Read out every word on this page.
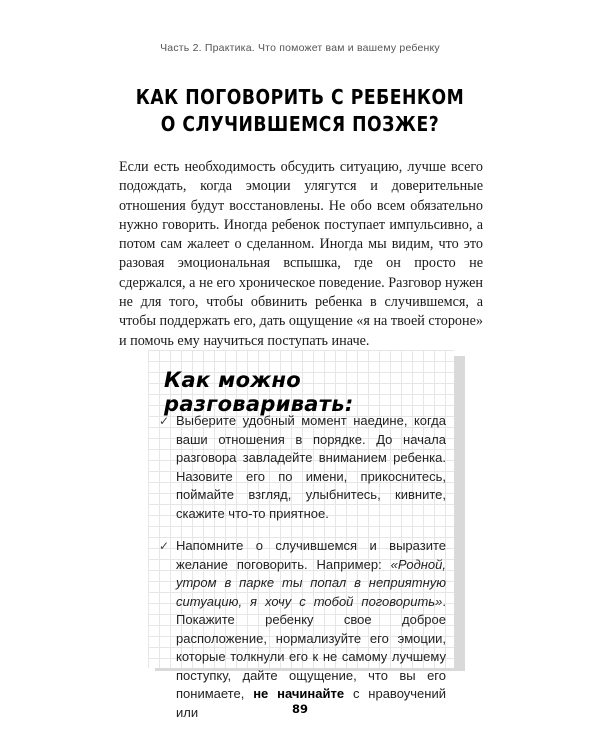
Часть 2. Практика. Что поможет вам и вашему ребенку
КАК ПОГОВОРИТЬ С РЕБЕНКОМ
О СЛУЧИВШЕМСЯ ПОЗЖЕ?

Если есть необходимость обсудить ситуацию, лучше всего подождать, когда эмоции улягутся и доверительные отношения будут восстановлены. Не обо всем обязательно нужно говорить. Иногда ребенок поступает импульсивно, а потом сам жалеет о сделанном. Иногда мы видим, что это разовая эмоциональная вспышка, где он просто не сдержался, а не его хроническое поведение. Разговор нужен не для того, чтобы обвинить ребенка в случившемся, а чтобы поддержать его, дать ощущение «я на твоей стороне» и помочь ему научиться поступать иначе.

Как можно разговаривать:
✓ Выберите удобный момент наедине, когда ваши отношения в порядке. До начала разговора завладейте вниманием ребенка. Назовите его по имени, прикоснитесь, поймайте взгляд, улыбнитесь, кивните, скажите что-то приятное.
✓ Напомните о случившемся и выразите желание поговорить. Например: «Родной, утром в парке ты попал в неприятную ситуацию, я хочу с тобой поговорить». Покажите ребенку свое доброе расположение, нормализуйте его эмоции, которые толкнули его к не самому лучшему поступку, дайте ощущение, что вы его понимаете, не начинайте с нравоучений или	89
